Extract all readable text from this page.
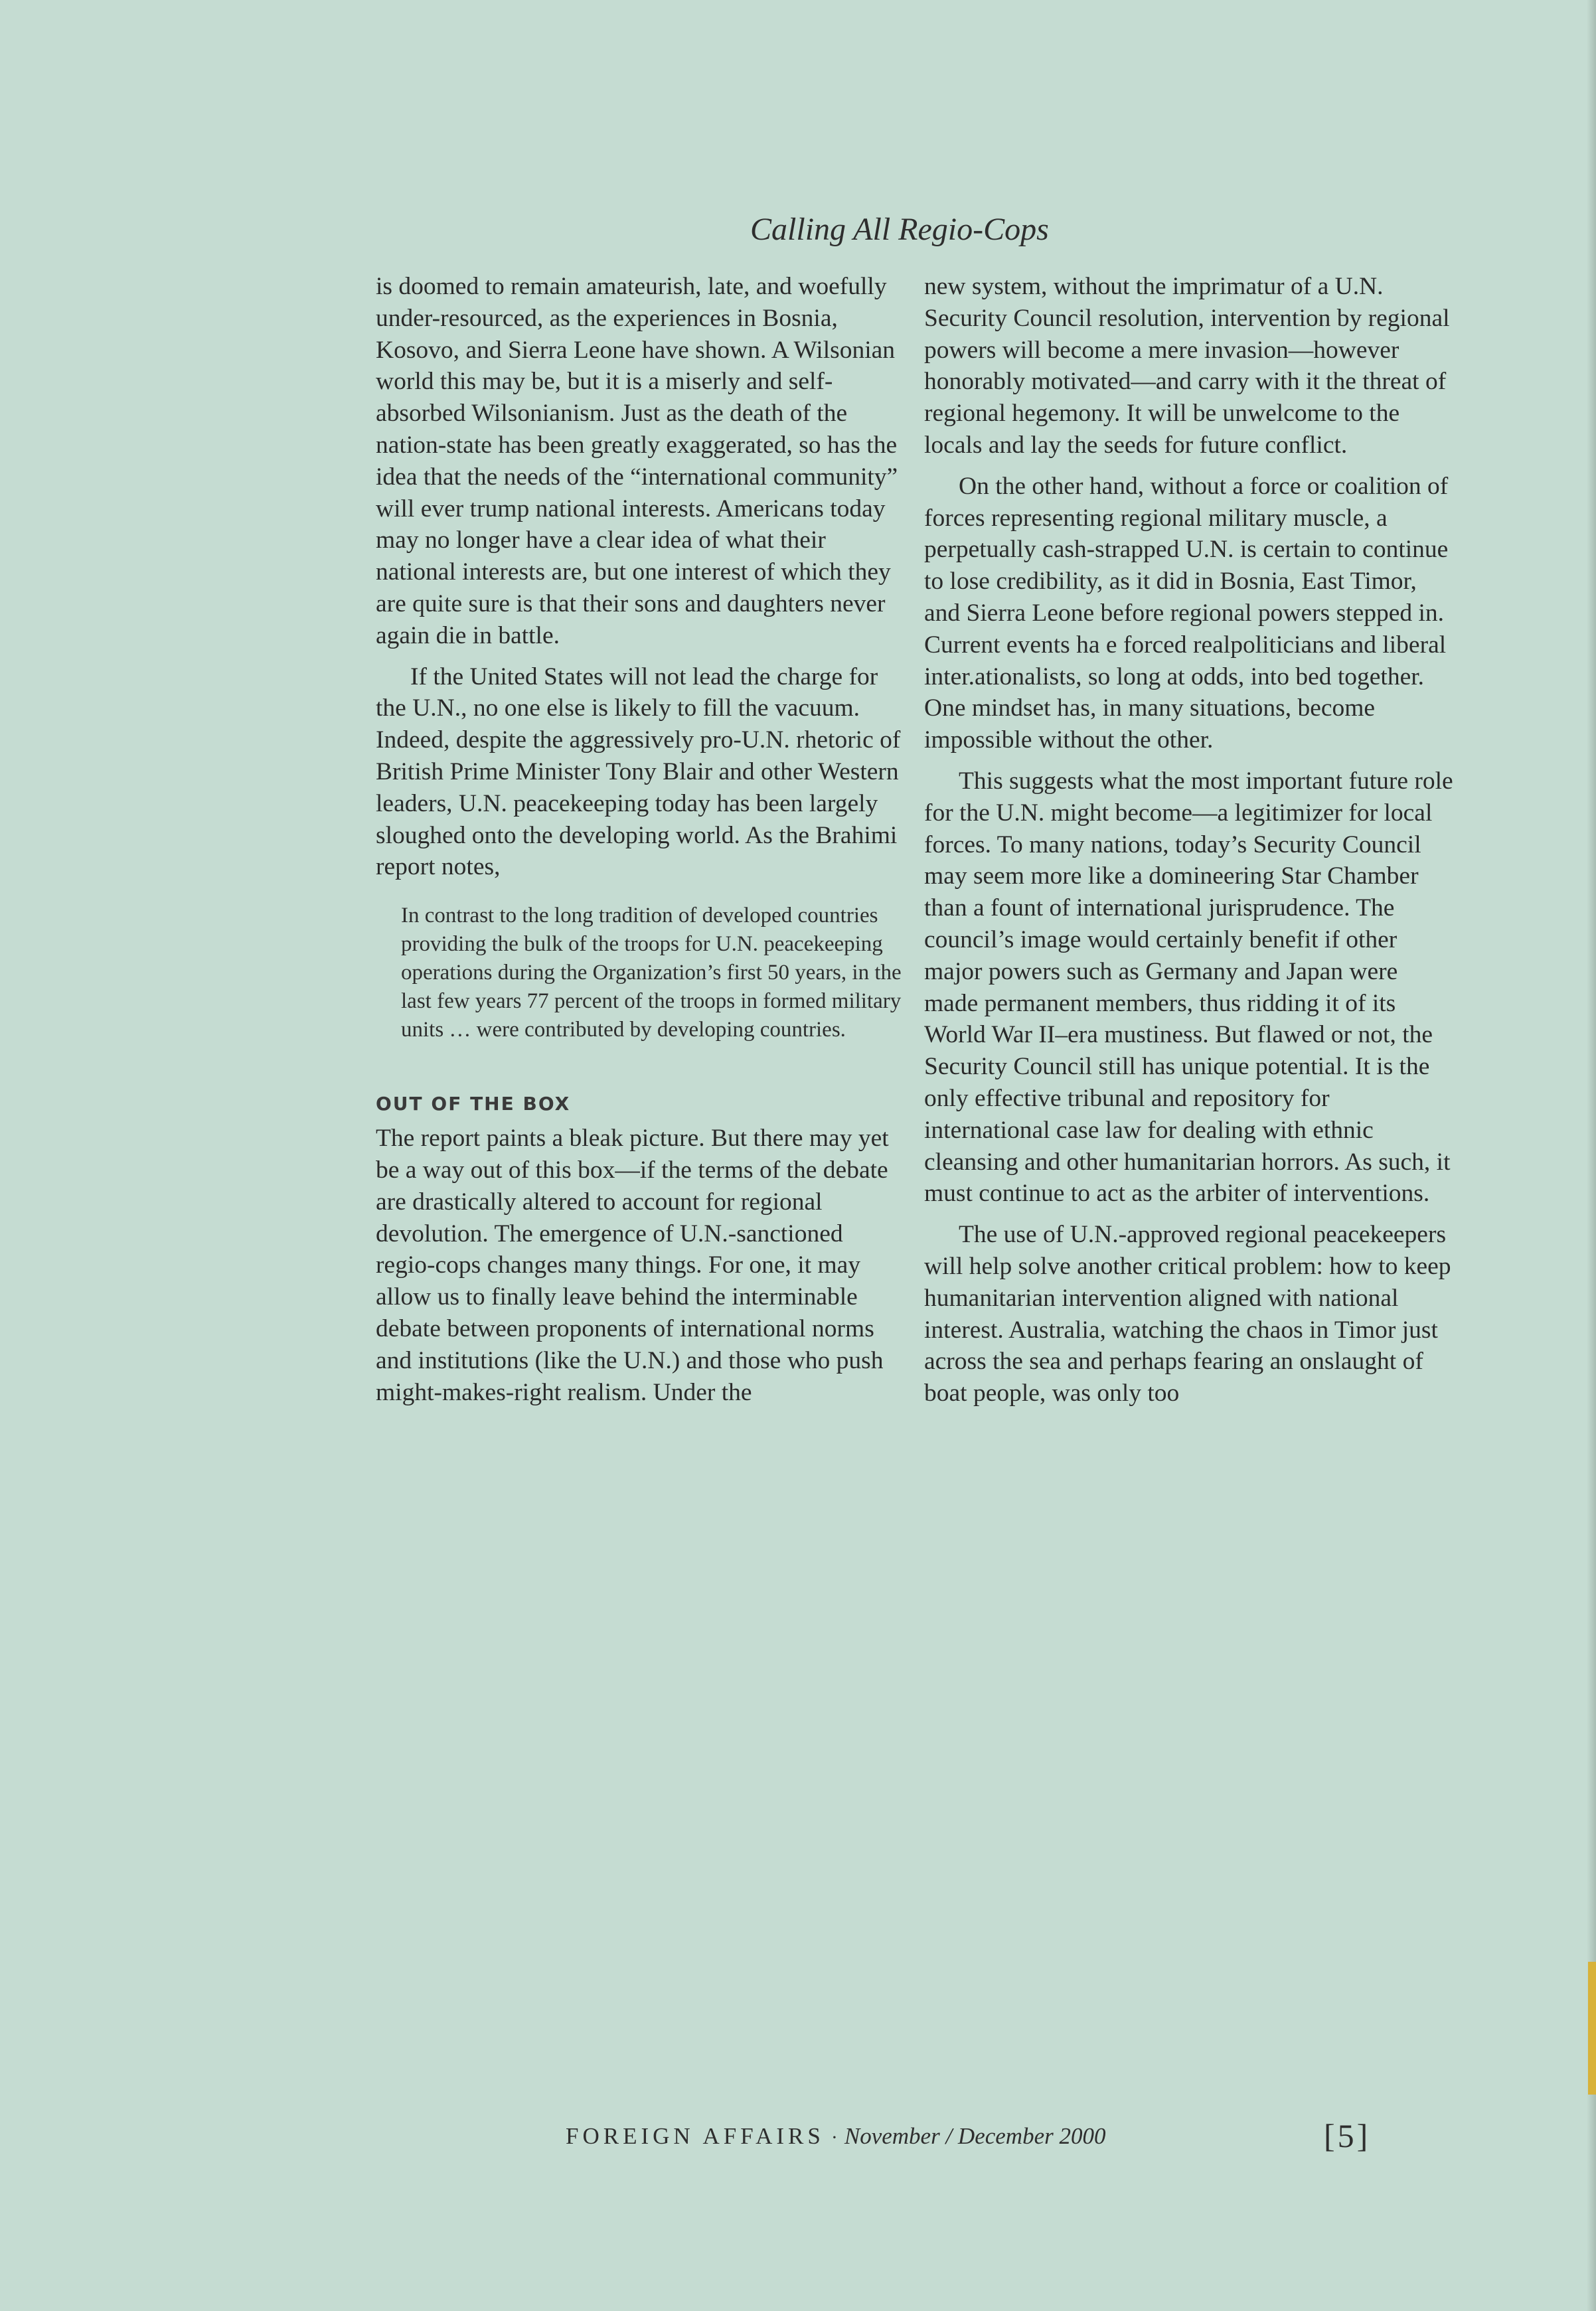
Calling All Regio-Cops

is doomed to remain amateurish, late, and woefully under-resourced, as the experiences in Bosnia, Kosovo, and Sierra Leone have shown. A Wilsonian world this may be, but it is a miserly and self-absorbed Wilsonianism. Just as the death of the nation-state has been greatly exaggerated, so has the idea that the needs of the “international community” will ever trump national interests. Americans today may no longer have a clear idea of what their national interests are, but one interest of which they are quite sure is that their sons and daughters never again die in battle.

If the United States will not lead the charge for the U.N., no one else is likely to fill the vacuum. Indeed, despite the aggressively pro-U.N. rhetoric of British Prime Minister Tony Blair and other Western leaders, U.N. peacekeeping today has been largely sloughed onto the developing world. As the Brahimi report notes,

In contrast to the long tradition of developed countries providing the bulk of the troops for U.N. peacekeeping operations during the Organization’s first 50 years, in the last few years 77 percent of the troops in formed military units … were contributed by developing countries.
OUT OF THE BOX

The report paints a bleak picture. But there may yet be a way out of this box—if the terms of the debate are drastically altered to account for regional devolution. The emergence of U.N.-sanctioned regio-cops changes many things. For one, it may allow us to finally leave behind the interminable debate between proponents of international norms and institutions (like the U.N.) and those who push might-makes-right realism. Under the

new system, without the imprimatur of a U.N. Security Council resolution, intervention by regional powers will become a mere invasion—however honorably motivated—and carry with it the threat of regional hegemony. It will be unwelcome to the locals and lay the seeds for future conflict.

On the other hand, without a force or coalition of forces representing regional military muscle, a perpetually cash-strapped U.N. is certain to continue to lose credibility, as it did in Bosnia, East Timor, and Sierra Leone before regional powers stepped in. Current events ha e forced realpoliticians and liberal inter.ationalists, so long at odds, into bed together. One mindset has, in many situations, become impossible without the other.

This suggests what the most important future role for the U.N. might become—a legitimizer for local forces. To many nations, today’s Security Council may seem more like a domineering Star Chamber than a fount of international jurisprudence. The council’s image would certainly benefit if other major powers such as Germany and Japan were made permanent members, thus ridding it of its World War II–era mustiness. But flawed or not, the Security Council still has unique potential. It is the only effective tribunal and repository for international case law for dealing with ethnic cleansing and other humanitarian horrors. As such, it must continue to act as the arbiter of interventions.

The use of U.N.-approved regional peacekeepers will help solve another critical problem: how to keep humanitarian intervention aligned with national interest. Australia, watching the chaos in Timor just across the sea and perhaps fearing an onslaught of boat people, was only too

FOREIGN AFFAIRS · November / December 2000	[5]
